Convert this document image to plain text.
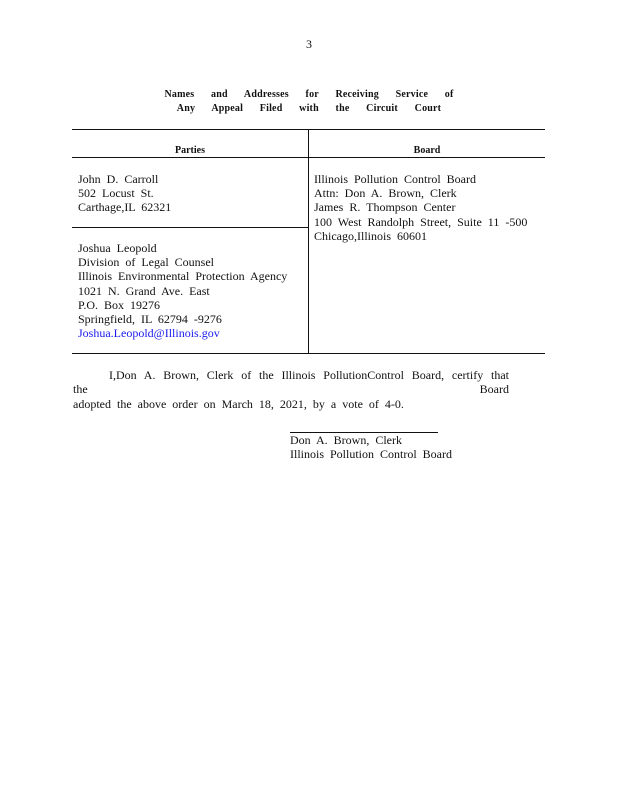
3
Names and Addresses for Receiving Service of
Any Appeal Filed with the Circuit Court
Parties	Board
John D. Carroll
502 Locust St.
Carthage,IL 62321
Joshua Leopold
Division of Legal Counsel
Illinois Environmental Protection Agency
1021 N. Grand Ave. East
P.O. Box 19276
Springfield, IL 62794 -9276
Joshua.Leopold@Illinois.gov
Illinois Pollution Control Board
Attn: Don A. Brown, Clerk
James R. Thompson Center
100 West Randolph Street, Suite 11 -500
Chicago,Illinois 60601
I,Don A. Brown, Clerk of the Illinois PollutionControl Board, certify that the Board
adopted the above order on March 18, 2021, by a vote of 4-0.
Don A. Brown, Clerk
Illinois Pollution Control Board
